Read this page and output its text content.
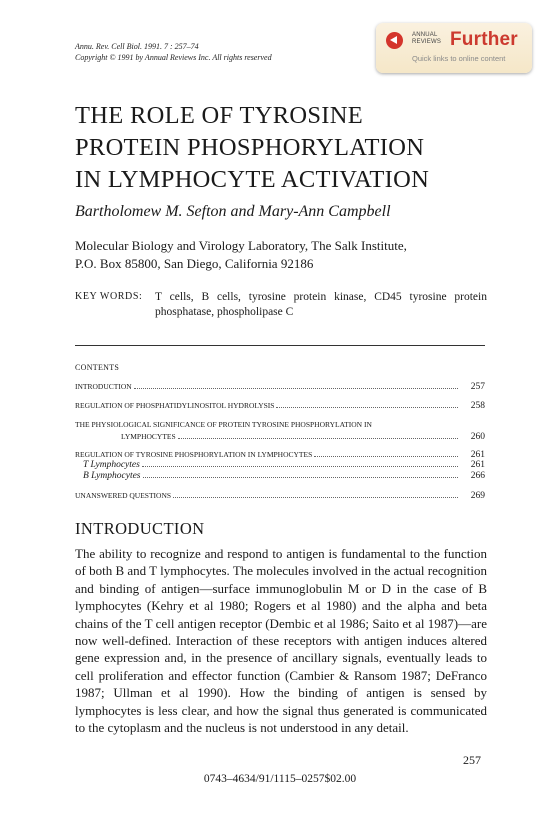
Annu. Rev. Cell Biol. 1991. 7 : 257–74
Copyright © 1991 by Annual Reviews Inc. All rights reserved
ANNUAL
REVIEWS Further
Quick links to online content
THE ROLE OF TYROSINE
PROTEIN PHOSPHORYLATION
IN LYMPHOCYTE ACTIVATION
Bartholomew M. Sefton and Mary-Ann Campbell
Molecular Biology and Virology Laboratory, The Salk Institute,
P.O. Box 85800, San Diego, California 92186
KEY WORDS: T cells, B cells, tyrosine protein kinase, CD45 tyrosine protein phosphatase, phospholipase C
CONTENTS
INTRODUCTION	257
REGULATION OF PHOSPHATIDYLINOSITOL HYDROLYSIS	258
THE PHYSIOLOGICAL SIGNIFICANCE OF PROTEIN TYROSINE PHOSPHORYLATION IN
LYMPHOCYTES	260
REGULATION OF TYROSINE PHOSPHORYLATION IN LYMPHOCYTES	261
T Lymphocytes	261
B Lymphocytes	266
UNANSWERED QUESTIONS	269
INTRODUCTION
The ability to recognize and respond to antigen is fundamental to the function of both B and T lymphocytes. The molecules involved in the actual recognition and binding of antigen—surface immunoglobulin M or D in the case of B lymphocytes (Kehry et al 1980; Rogers et al 1980) and the alpha and beta chains of the T cell antigen receptor (Dembic et al 1986; Saito et al 1987)—are now well-defined. Interaction of these receptors with antigen induces altered gene expression and, in the presence of ancillary signals, eventually leads to cell proliferation and effector function (Cambier & Ransom 1987; DeFranco 1987; Ullman et al 1990). How the binding of antigen is sensed by lymphocytes is less clear, and how the signal thus generated is communicated to the cytoplasm and the nucleus is not understood in any detail.
257
0743–4634/91/1115–0257$02.00
